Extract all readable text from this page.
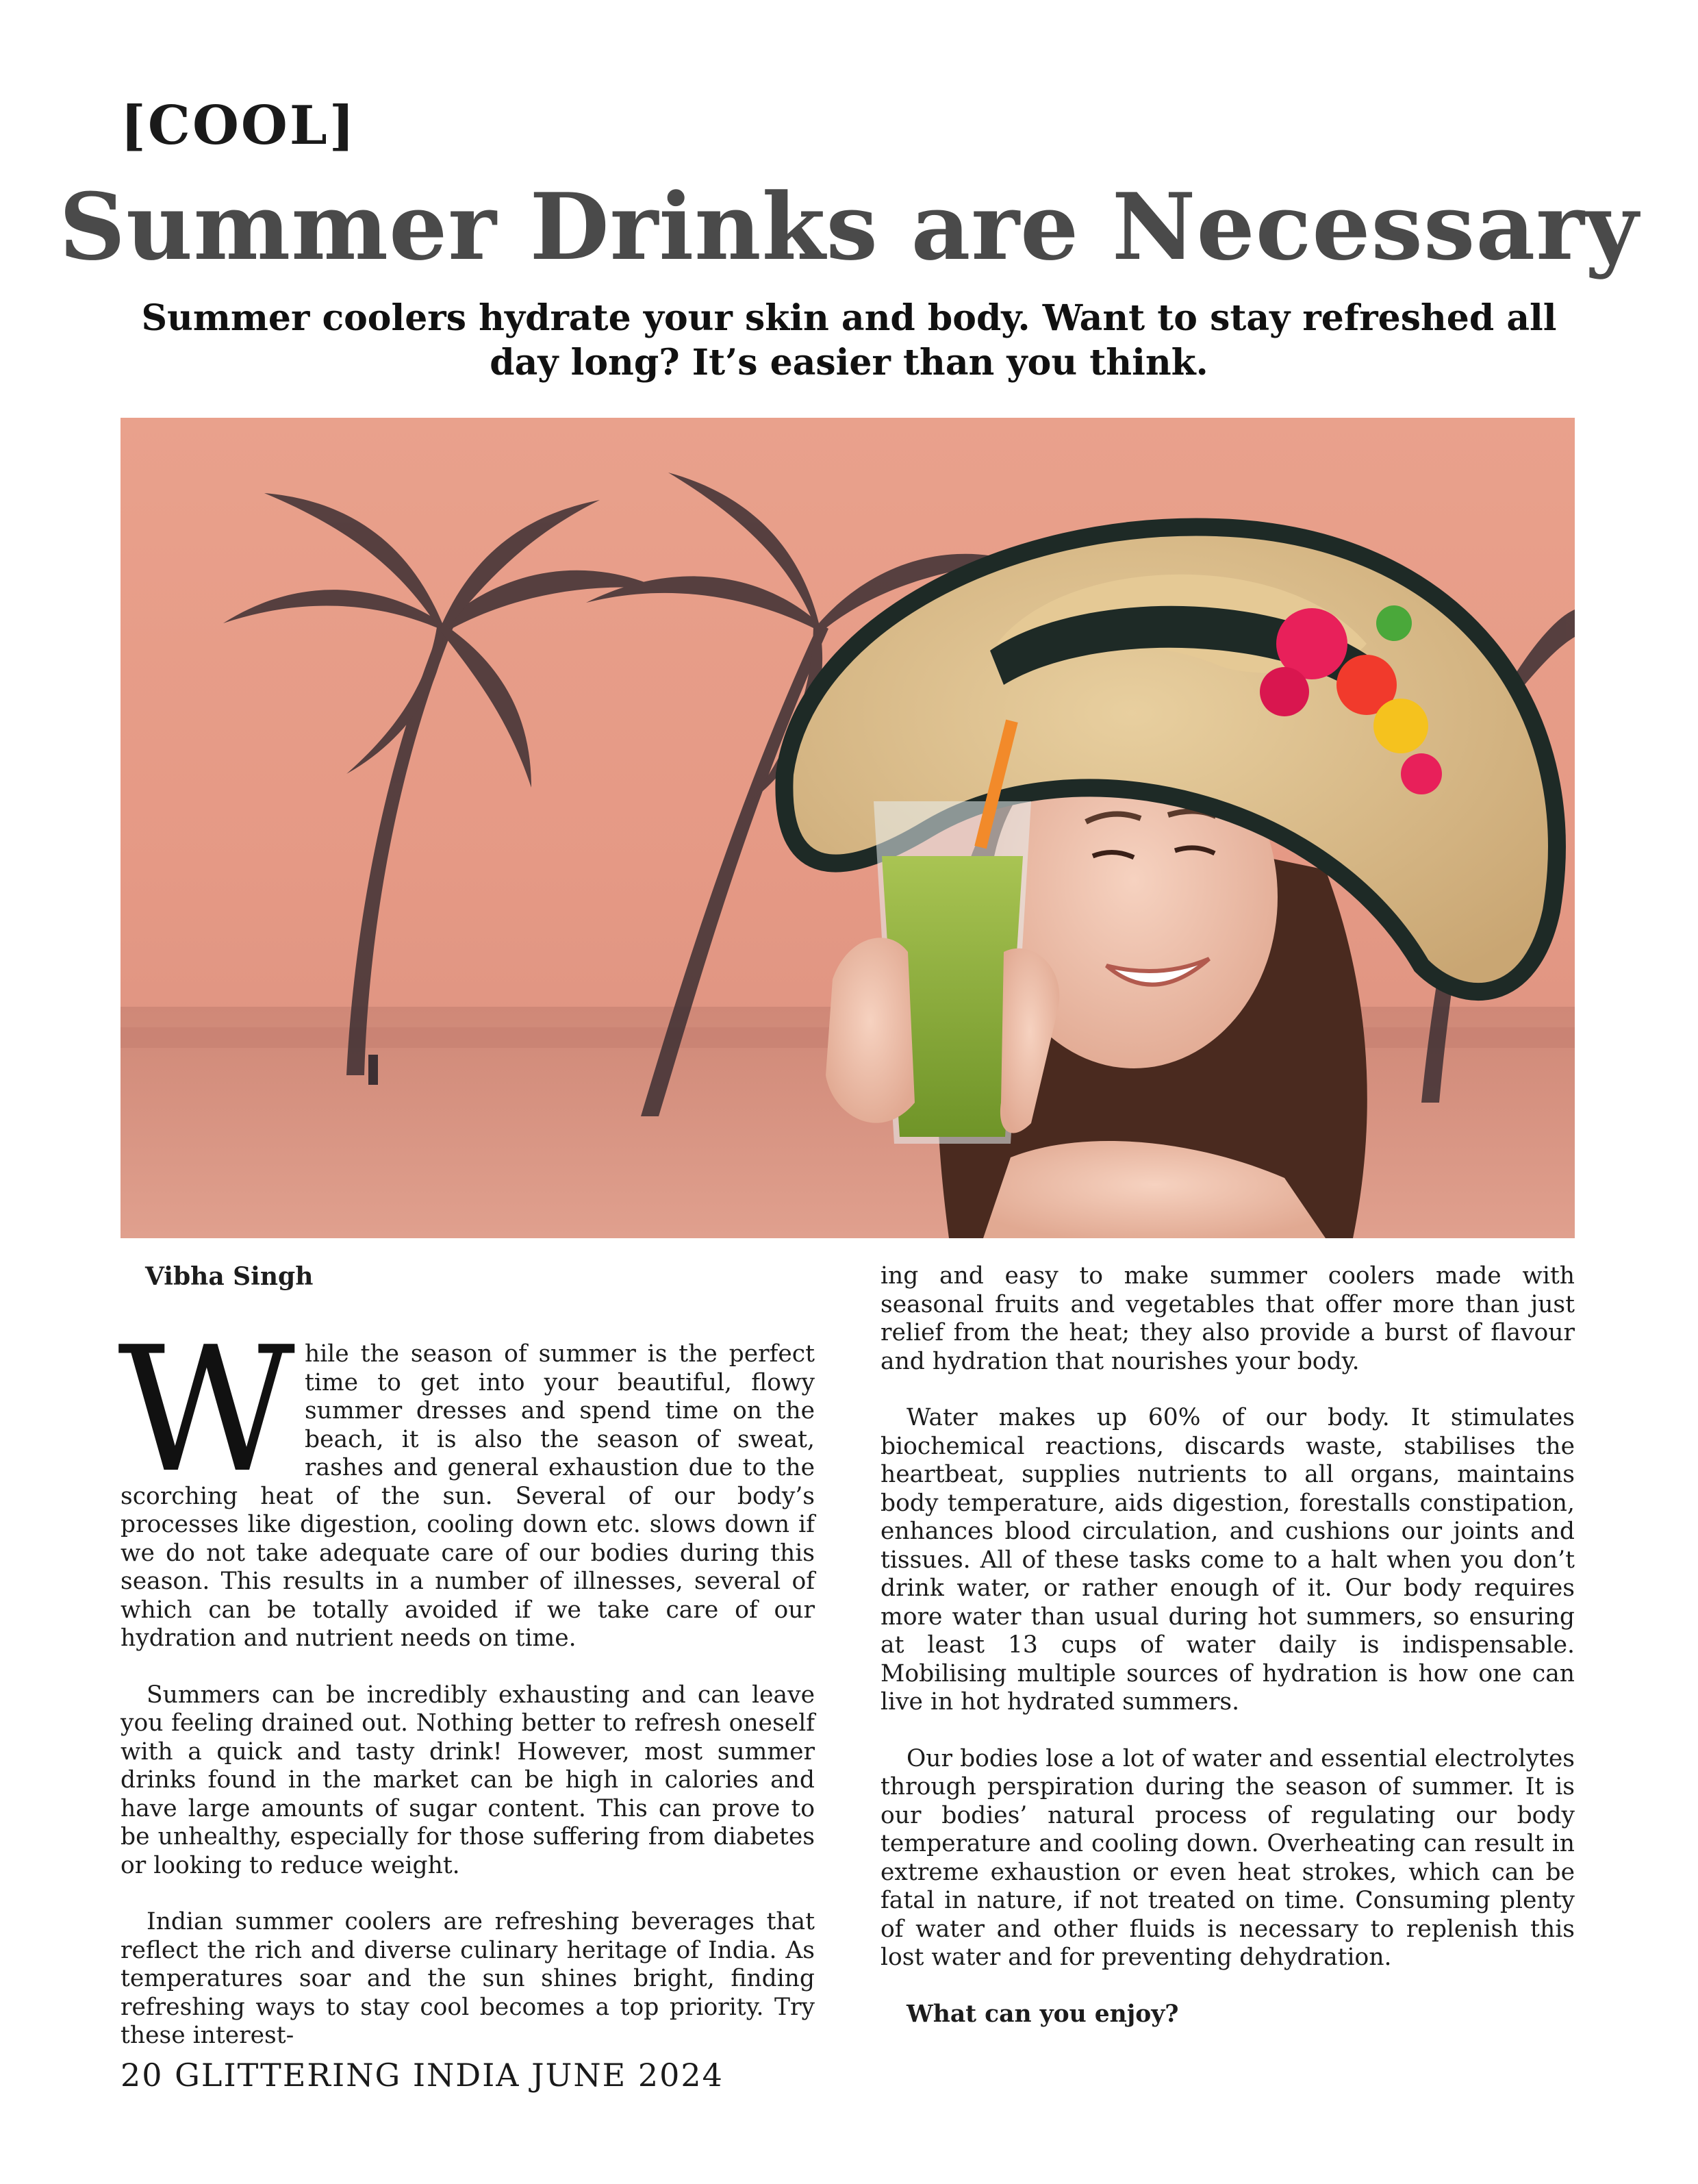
[COOL]
Summer Drinks are Necessary

Summer coolers hydrate your skin and body. Want to stay refreshed all day long? It’s easier than you think.

Vibha Singh

While the season of summer is the perfect time to get into your beautiful, flowy summer dresses and spend time on the beach, it is also the season of sweat, rashes and general exhaustion due to the scorching heat of the sun. Several of our body’s processes like digestion, cooling down etc. slows down if we do not take adequate care of our bodies during this season. This results in a number of illnesses, several of which can be totally avoided if we take care of our hydration and nutrient needs on time.

Summers can be incredibly exhausting and can leave you feeling drained out. Nothing better to refresh oneself with a quick and tasty drink! However, most summer drinks found in the market can be high in calories and have large amounts of sugar content. This can prove to be unhealthy, especially for those suffering from diabetes or looking to reduce weight.

Indian summer coolers are refreshing beverages that reflect the rich and diverse culinary heritage of India. As temperatures soar and the sun shines bright, finding refreshing ways to stay cool becomes a top priority. Try these interest-

ing and easy to make summer coolers made with seasonal fruits and vegetables that offer more than just relief from the heat; they also provide a burst of flavour and hydration that nourishes your body.

Water makes up 60% of our body. It stimulates biochemical reactions, discards waste, stabilises the heartbeat, supplies nutrients to all organs, maintains body temperature, aids digestion, forestalls constipation, enhances blood circulation, and cushions our joints and tissues. All of these tasks come to a halt when you don’t drink water, or rather enough of it. Our body requires more water than usual during hot summers, so ensuring at least 13 cups of water daily is indispensable. Mobilising multiple sources of hydration is how one can live in hot hydrated summers.

Our bodies lose a lot of water and essential electrolytes through perspiration during the season of summer. It is our bodies’ natural process of regulating our body temperature and cooling down. Overheating can result in extreme exhaustion or even heat strokes, which can be fatal in nature, if not treated on time. Consuming plenty of water and other fluids is necessary to replenish this lost water and for preventing dehydration.

What can you enjoy?

20 GLITTERING INDIA JUNE 2024
